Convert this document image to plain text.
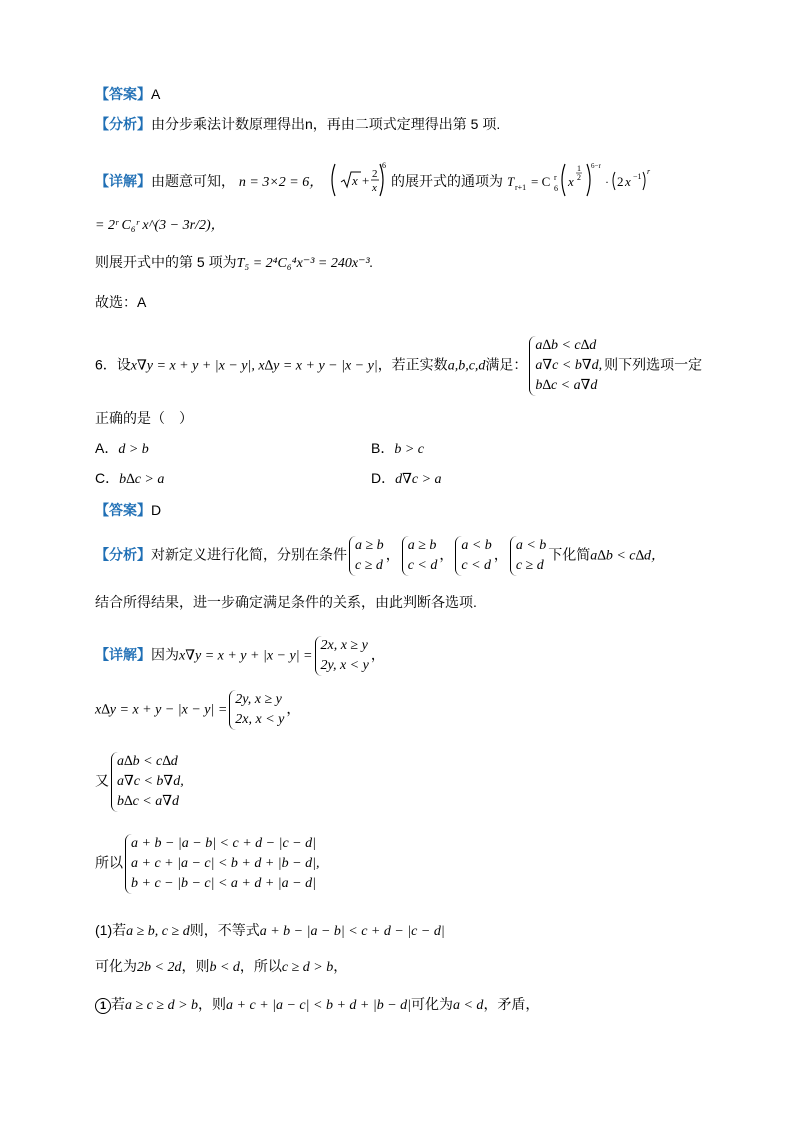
【答案】A
【分析】由分步乘法计数原理得出n，再由二项式定理得出第 5 项.
【详解】由题意可知， n = 3×2 = 6， x + 2
x
6
的展开式的通项为 T r+1 = C r
6 x
1
2
6−r
· 2 x −1
r
= 2ʳ C₆ʳ x^(3 − 3r/2)，
则展开式中的第 5 项为T₅ = 2⁴C₆⁴x⁻³ = 240x⁻³.
故选：A
6．设x∇y = x + y + |x − y|, x∆y = x + y − |x − y|，若正实数a,b,c,d满足：
a∆b < c∆d
a∇c < b∇d,
b∆c < a∇d
则下列选项一定
正确的是（　）
A．d > b	B．b > c
C．b∆c > a	D．d∇c > a
【答案】D
【分析】对新定义进行化简，分别在条件
a ≥ b
c ≥ d
，
a ≥ b
c < d
，
a < b
c < d
，
a < b
c ≥ d
下化简a∆b < c∆d，
结合所得结果，进一步确定满足条件的关系，由此判断各选项.
【详解】因为x∇y = x + y + |x − y| =
2x, x ≥ y
2y, x < y
，
x∆y = x + y − |x − y| =
2y, x ≥ y
2x, x < y
，
又
a∆b < c∆d
a∇c < b∇d,
b∆c < a∇d
所以
a + b − |a − b| < c + d − |c − d|
a + c + |a − c| < b + d + |b − d|,
b + c − |b − c| < a + d + |a − d|
(1)若a ≥ b, c ≥ d则，不等式a + b − |a − b| < c + d − |c − d|
可化为2b < 2d，则b < d，所以c ≥ d > b，
1 若a ≥ c ≥ d > b，则a + c + |a − c| < b + d + |b − d|可化为a < d，矛盾，
